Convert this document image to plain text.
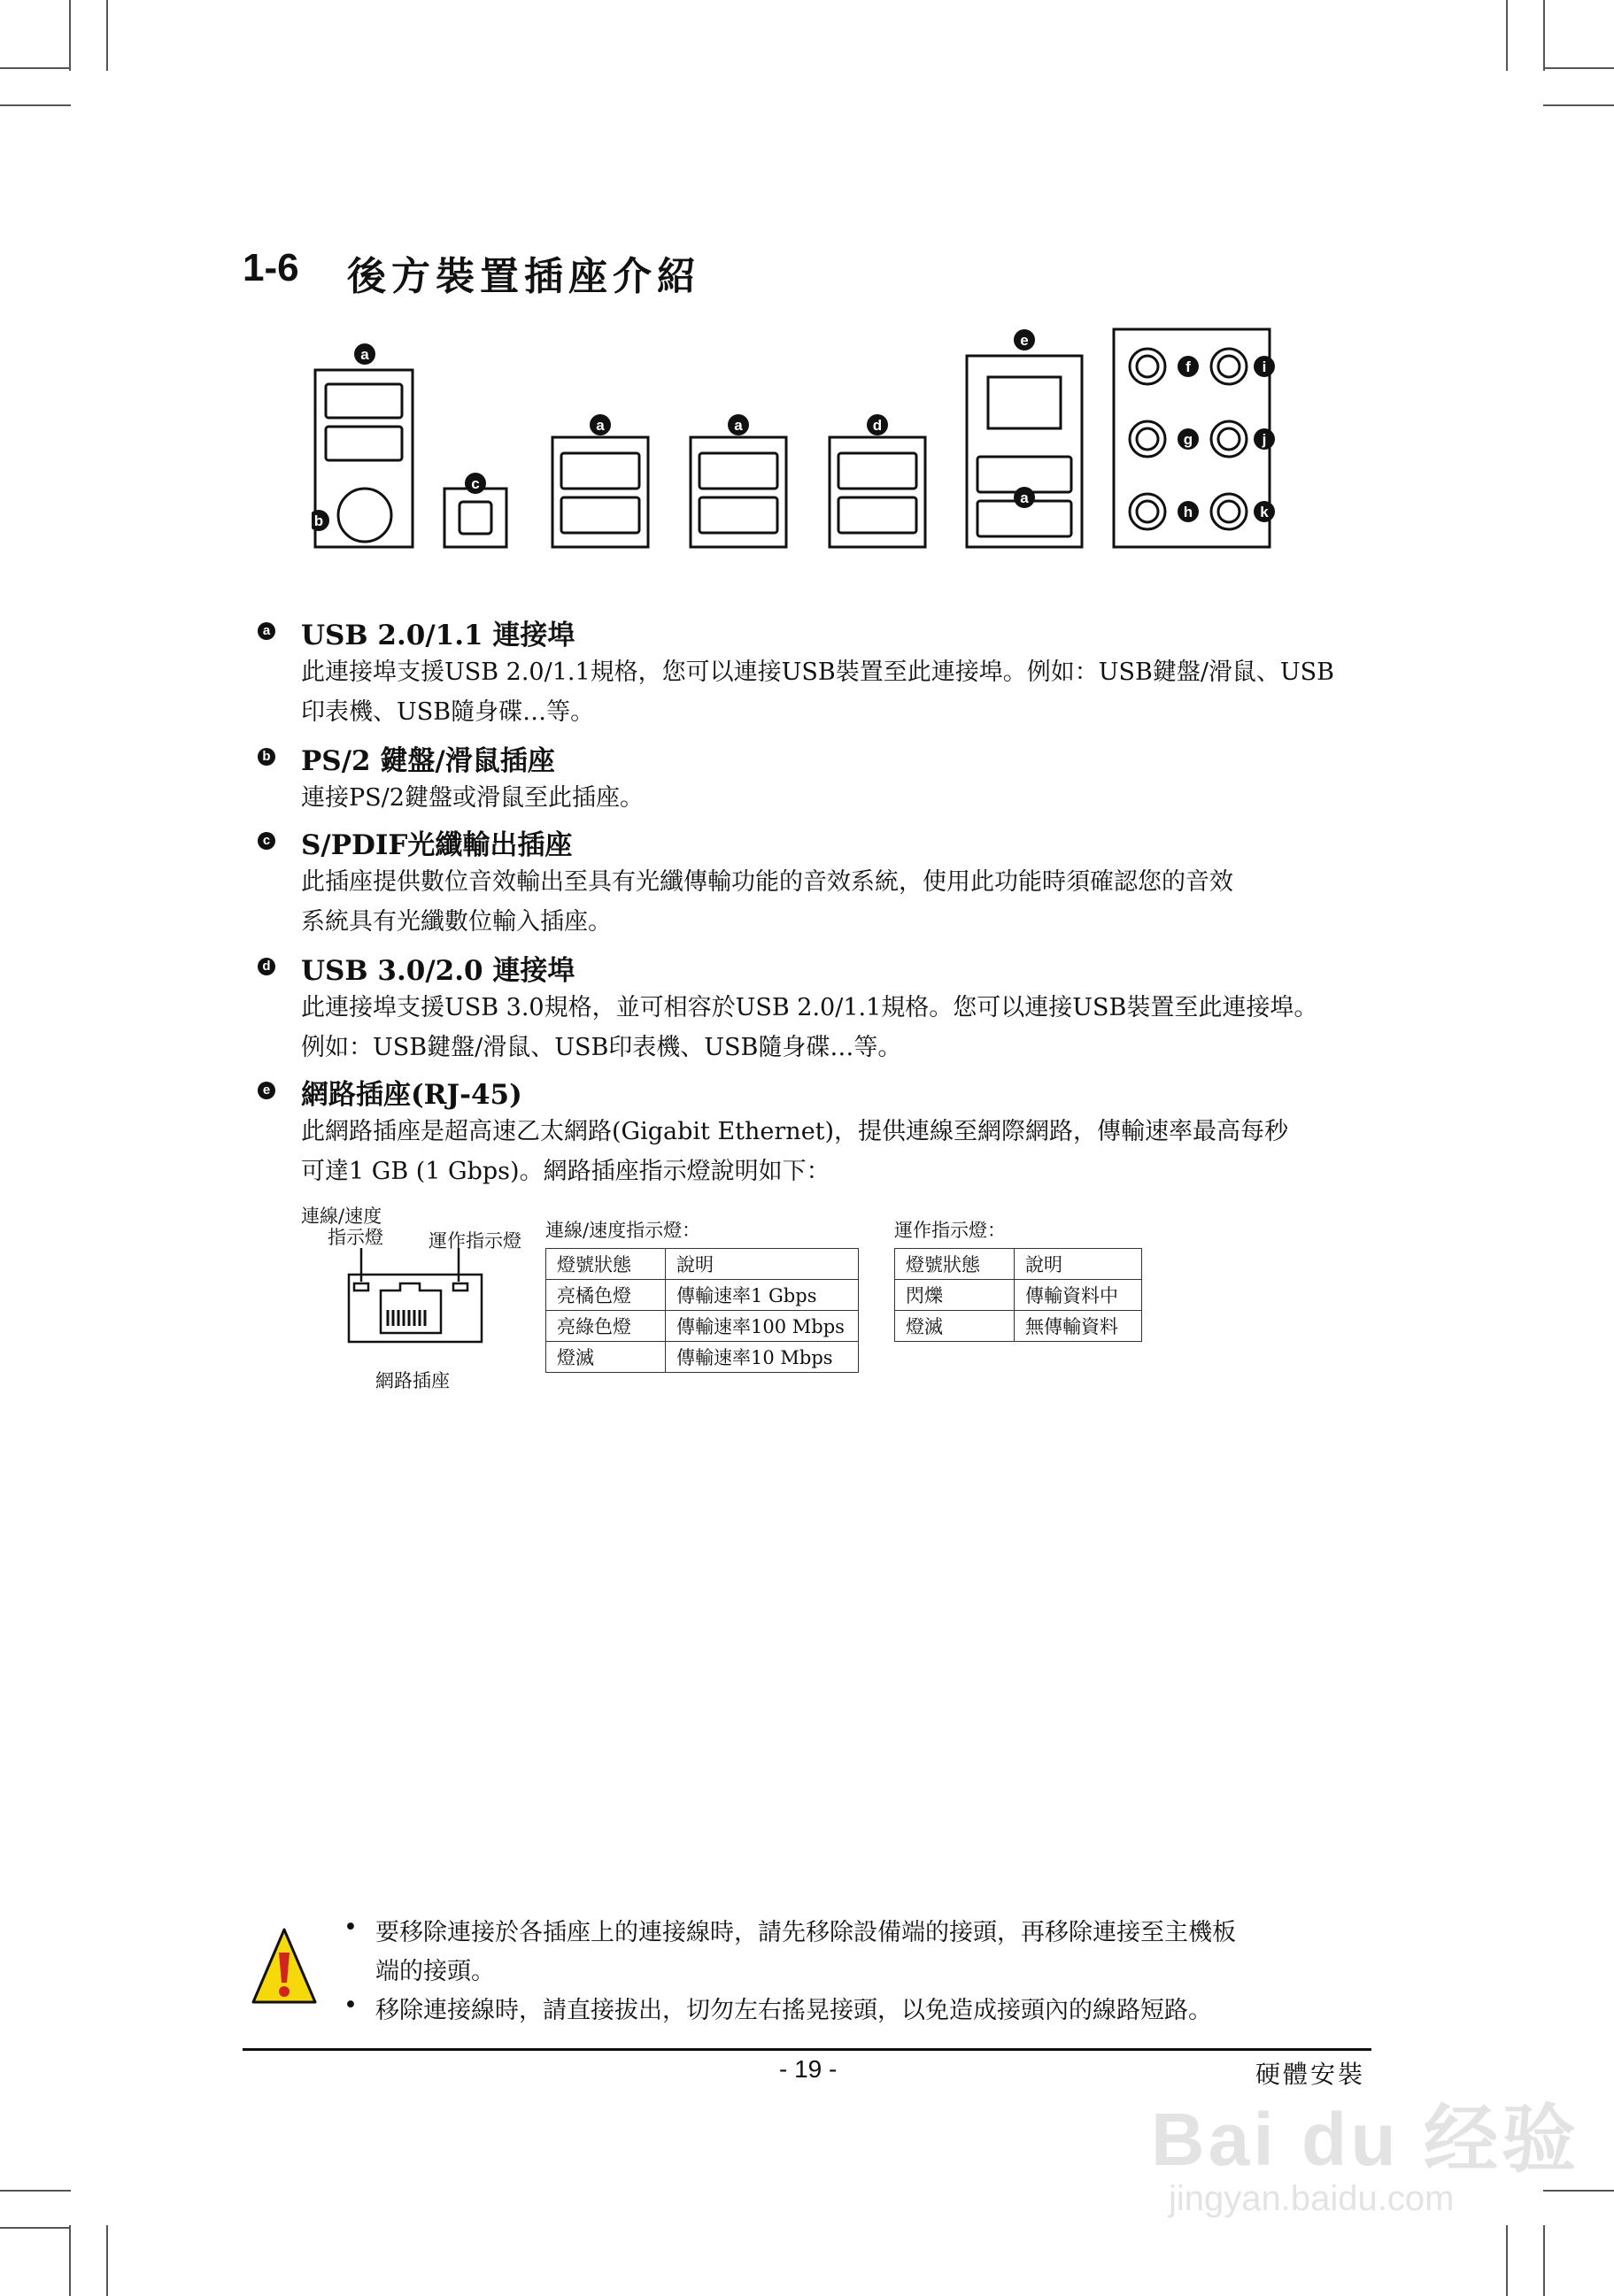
1-6 後方裝置插座介紹
a
b
c
a	a	d
e
a
f	i
g	j
h	k
a USB 2.0/1.1 連接埠
此連接埠支援USB 2.0/1.1規格，您可以連接USB裝置至此連接埠。例如：USB鍵盤/滑鼠、USB
印表機、USB隨身碟…等。
b PS/2 鍵盤/滑鼠插座
連接PS/2鍵盤或滑鼠至此插座。
c S/PDIF光纖輸出插座
此插座提供數位音效輸出至具有光纖傳輸功能的音效系統，使用此功能時須確認您的音效
系統具有光纖數位輸入插座。
d USB 3.0/2.0 連接埠
此連接埠支援USB 3.0規格，並可相容於USB 2.0/1.1規格。您可以連接USB裝置至此連接埠。
例如：USB鍵盤/滑鼠、USB印表機、USB隨身碟…等。
e 網路插座(RJ-45)
此網路插座是超高速乙太網路(Gigabit Ethernet)，提供連線至網際網路，傳輸速率最高每秒
可達1 GB (1 Gbps)。網路插座指示燈說明如下：
連線/速度
指示燈 運作指示燈
網路插座
連線/速度指示燈：
燈號狀態	說明
亮橘色燈	傳輸速率1 Gbps
亮綠色燈	傳輸速率100 Mbps
燈滅	傳輸速率10 Mbps
運作指示燈：
燈號狀態	說明
閃爍	傳輸資料中
燈滅	無傳輸資料
• 要移除連接於各插座上的連接線時，請先移除設備端的接頭，再移除連接至主機板
端的接頭。
• 移除連接線時，請直接拔出，切勿左右搖晃接頭，以免造成接頭內的線路短路。
- 19 -	硬體安裝
Bai du 经验
jingyan.baidu.com
